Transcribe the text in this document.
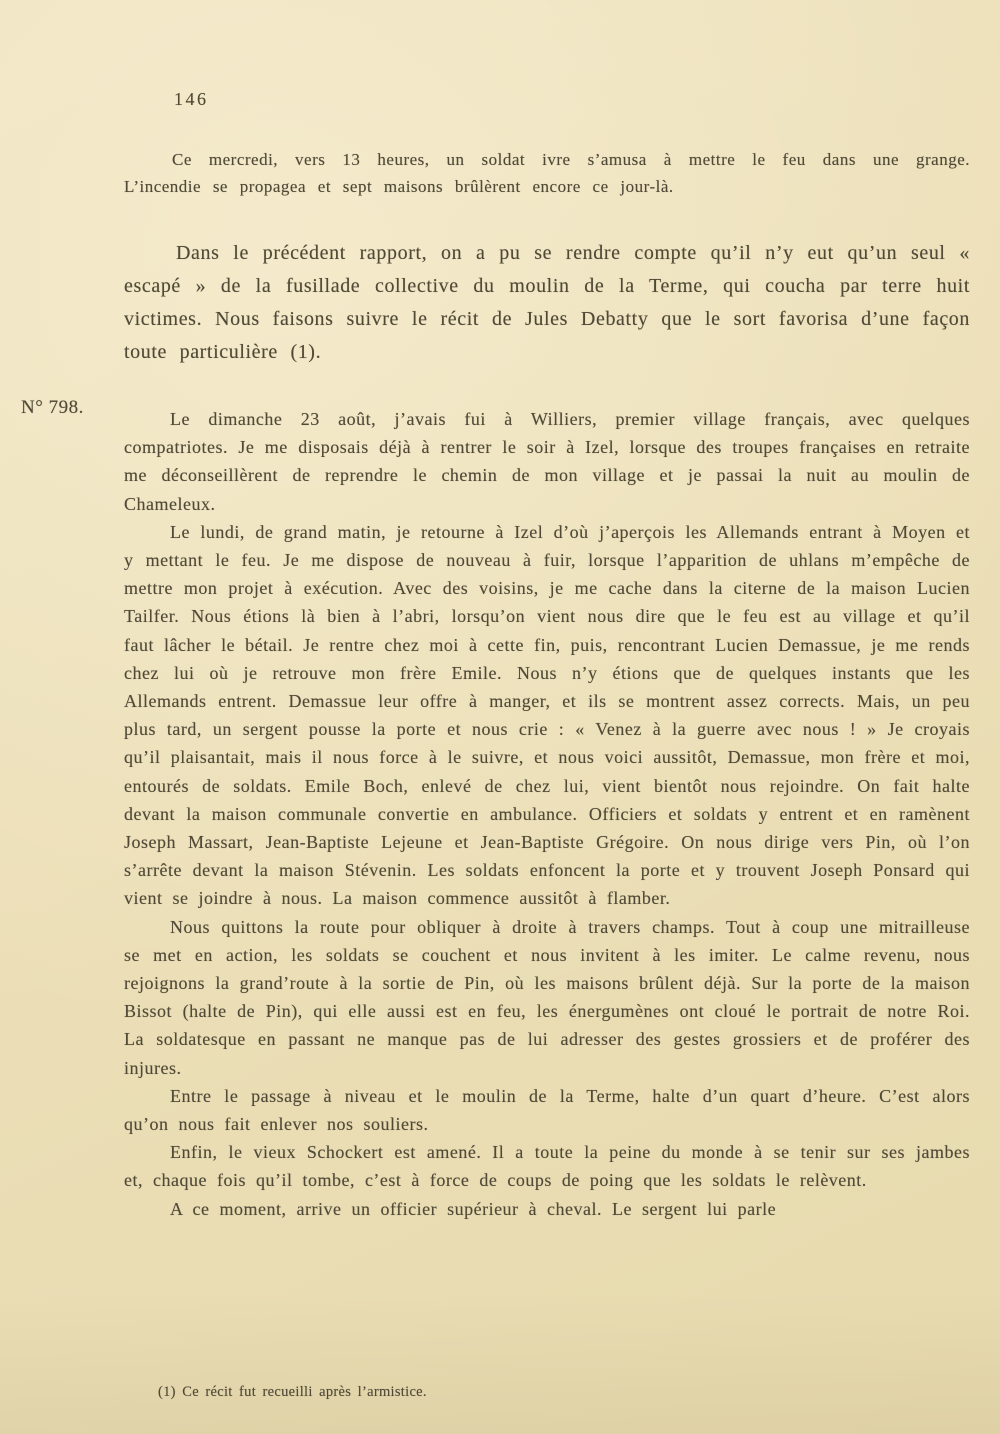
146
N° 798.

Ce mercredi, vers 13 heures, un soldat ivre s’amusa à mettre le feu dans une grange. L’incendie se propagea et sept maisons brûlèrent encore ce jour-là.

Dans le précédent rapport, on a pu se rendre compte qu’il n’y eut qu’un seul « escapé » de la fusillade collective du moulin de la Terme, qui coucha par terre huit victimes. Nous faisons suivre le récit de Jules Debatty que le sort favorisa d’une façon toute particulière (1).

Le dimanche 23 août, j’avais fui à Williers, premier village français, avec quelques compatriotes. Je me disposais déjà à rentrer le soir à Izel, lorsque des troupes françaises en retraite me déconseillèrent de reprendre le chemin de mon village et je passai la nuit au moulin de Chameleux.

Le lundi, de grand matin, je retourne à Izel d’où j’aperçois les Allemands entrant à Moyen et y mettant le feu. Je me dispose de nouveau à fuir, lorsque l’apparition de uhlans m’empêche de mettre mon projet à exécution. Avec des voisins, je me cache dans la citerne de la maison Lucien Tailfer. Nous étions là bien à l’abri, lorsqu’on vient nous dire que le feu est au village et qu’il faut lâcher le bétail. Je rentre chez moi à cette fin, puis, rencontrant Lucien Demassue, je me rends chez lui où je retrouve mon frère Emile. Nous n’y étions que de quelques instants que les Allemands entrent. Demassue leur offre à manger, et ils se montrent assez corrects. Mais, un peu plus tard, un sergent pousse la porte et nous crie : « Venez à la guerre avec nous ! » Je croyais qu’il plaisantait, mais il nous force à le suivre, et nous voici aussitôt, Demassue, mon frère et moi, entourés de soldats. Emile Boch, enlevé de chez lui, vient bientôt nous rejoindre. On fait halte devant la maison communale convertie en ambulance. Officiers et soldats y entrent et en ramènent Joseph Massart, Jean-Baptiste Lejeune et Jean-Baptiste Grégoire. On nous dirige vers Pin, où l’on s’arrête devant la maison Stévenin. Les soldats enfoncent la porte et y trouvent Joseph Ponsard qui vient se joindre à nous. La maison commence aussitôt à flamber.

Nous quittons la route pour obliquer à droite à travers champs. Tout à coup une mitrailleuse se met en action, les soldats se couchent et nous invitent à les imiter. Le calme revenu, nous rejoignons la grand’route à la sortie de Pin, où les maisons brûlent déjà. Sur la porte de la maison Bissot (halte de Pin), qui elle aussi est en feu, les énergumènes ont cloué le portrait de notre Roi. La soldatesque en passant ne manque pas de lui adresser des gestes grossiers et de proférer des injures.

Entre le passage à niveau et le moulin de la Terme, halte d’un quart d’heure. C’est alors qu’on nous fait enlever nos souliers.

Enfin, le vieux Schockert est amené. Il a toute la peine du monde à se tenir sur ses jambes et, chaque fois qu’il tombe, c’est à force de coups de poing que les soldats le relèvent.

A ce moment, arrive un officier supérieur à cheval. Le sergent lui parle

(1) Ce récit fut recueilli après l’armistice.
